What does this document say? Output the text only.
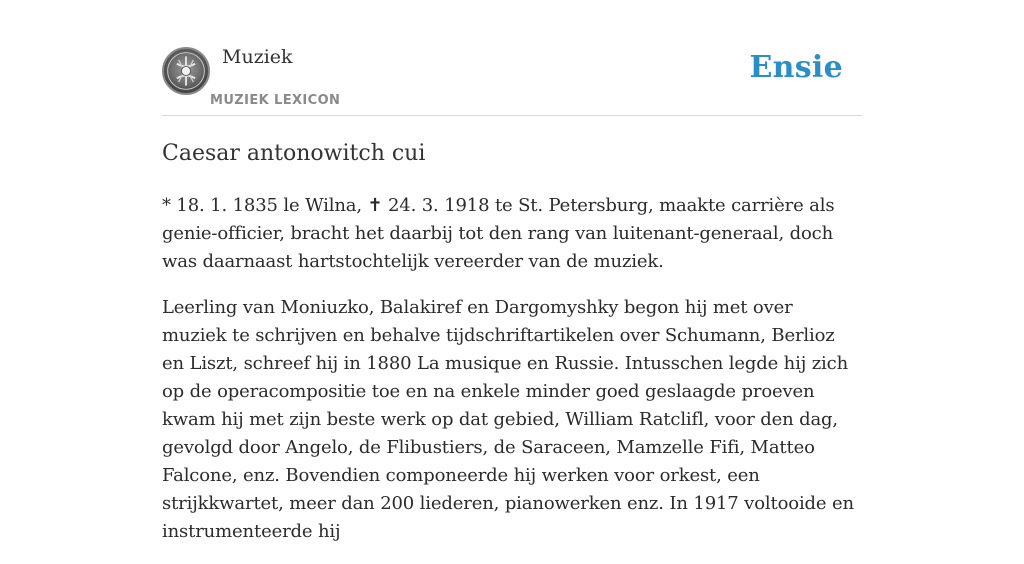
Muziek
MUZIEK LEXICON
Ensie
Caesar antonowitch cui

* 18. 1. 1835 le Wilna, ✝ 24. 3. 1918 te St. Petersburg, maakte carrière als genie-officier, bracht het daarbij tot den rang van luitenant-generaal, doch was daarnaast hartstochtelijk vereerder van de muziek.

Leerling van Moniuzko, Balakiref en Dargomyshky begon hij met over muziek te schrijven en behalve tijdschriftartikelen over Schumann, Berlioz en Liszt, schreef hij in 1880 La musique en Russie. Intusschen legde hij zich op de operacompositie toe en na enkele minder goed geslaagde proeven kwam hij met zijn beste werk op dat gebied, William Ratclifl, voor den dag, gevolgd door Angelo, de Flibustiers, de Saraceen, Mamzelle Fifi, Matteo Falcone, enz. Bovendien componeerde hij werken voor orkest, een strijkkwartet, meer dan 200 liederen, pianowerken enz. In 1917 voltooide en instrumenteerde hij
